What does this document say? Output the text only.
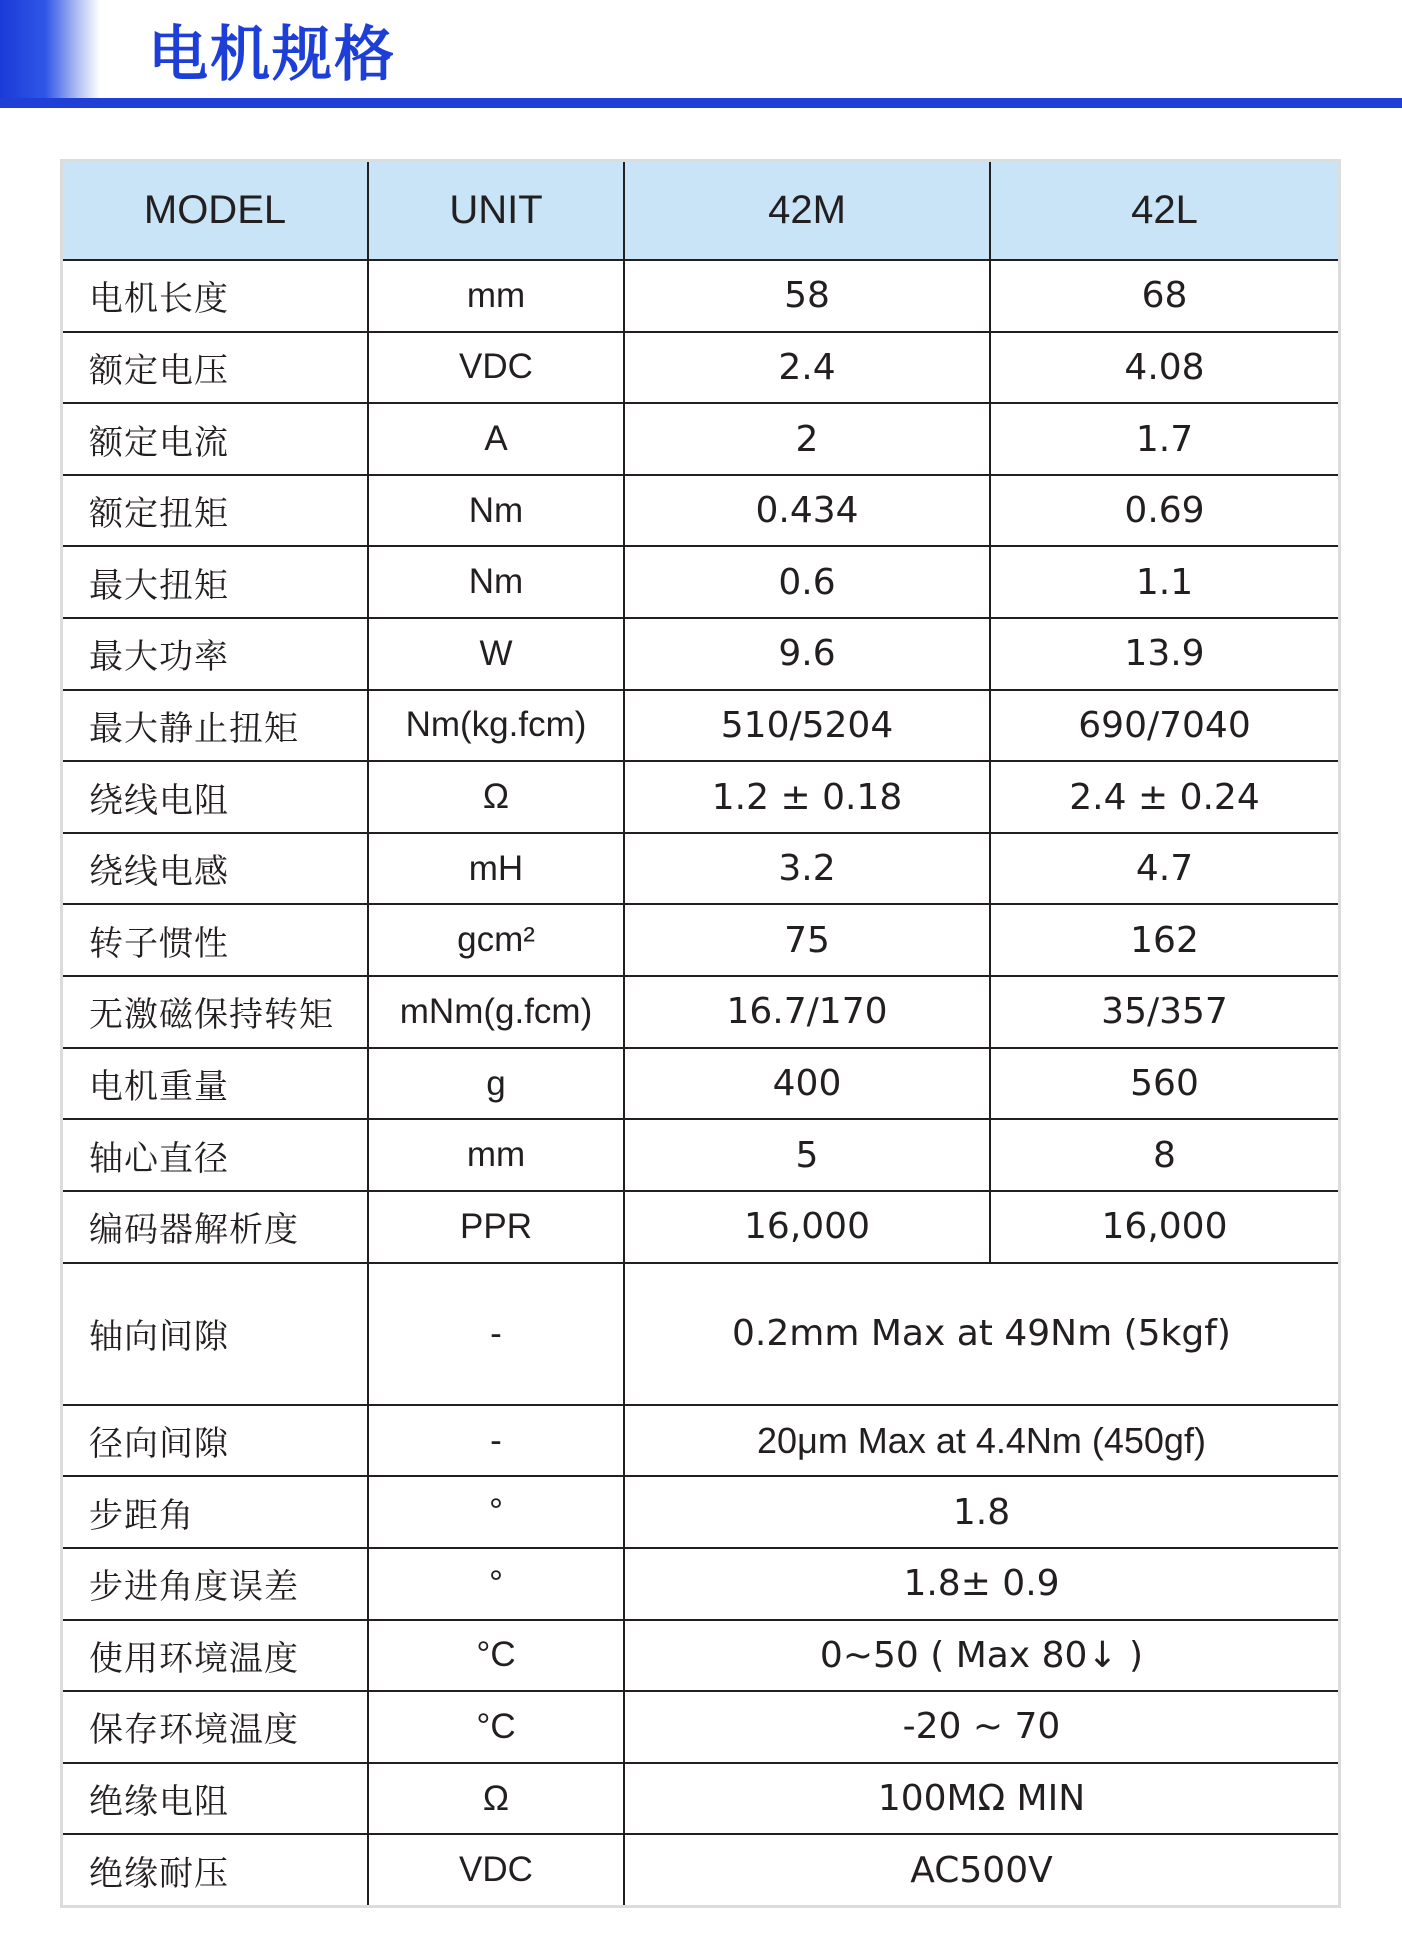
电机规格
MODEL	UNIT	42M	42L
电机长度	mm	58	68
额定电压	VDC	2.4	4.08
额定电流	A	2	1.7
额定扭矩	Nm	0.434	0.69
最大扭矩	Nm	0.6	1.1
最大功率	W	9.6	13.9
最大静止扭矩	Nm(kg.fcm)	510/5204	690/7040
绕线电阻	Ω	1.2 ± 0.18	2.4 ± 0.24
绕线电感	mH	3.2	4.7
转子惯性	gcm²	75	162
无激磁保持转矩	mNm(g.fcm)	16.7/170	35/357
电机重量	g	400	560
轴心直径	mm	5	8
编码器解析度	PPR	16,000	16,000
轴向间隙	-	0.2mm Max at 49Nm (5kgf)	
径向间隙	-	20μm Max at 4.4Nm (450gf)	
步距角	°	1.8	
步进角度误差	°	1.8± 0.9	
使用环境温度	°C	0~50 ( Max 80↓ )	
保存环境温度	°C	-20 ~ 70	
绝缘电阻	Ω	100MΩ MIN	
绝缘耐压	VDC	AC500V	
